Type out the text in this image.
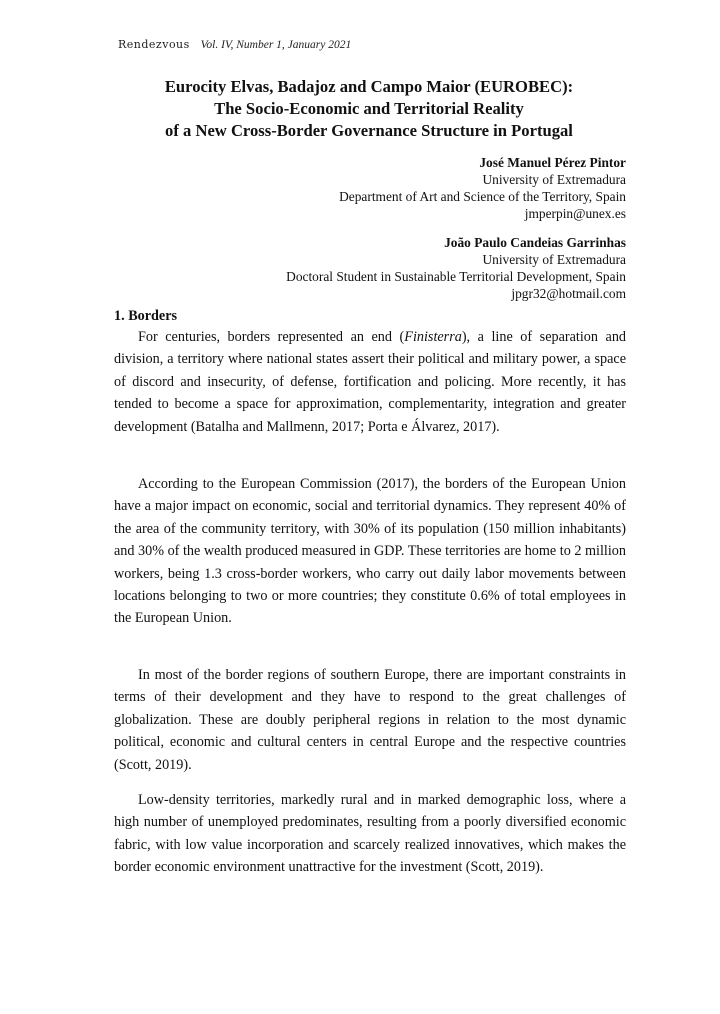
Rendezvous Vol. IV, Number 1, January 2021
Eurocity Elvas, Badajoz and Campo Maior (EUROBEC):
The Socio-Economic and Territorial Reality
of a New Cross-Border Governance Structure in Portugal
José Manuel Pérez Pintor
University of Extremadura
Department of Art and Science of the Territory, Spain
jmperpin@unex.es
João Paulo Candeias Garrinhas
University of Extremadura
Doctoral Student in Sustainable Territorial Development, Spain
jpgr32@hotmail.com
1. Borders

For centuries, borders represented an end (Finisterra), a line of separation and division, a territory where national states assert their political and military power, a space of discord and insecurity, of defense, fortification and policing. More recently, it has tended to become a space for approximation, complementarity, integration and greater development (Batalha and Mallmenn, 2017; Porta e Álvarez, 2017).

According to the European Commission (2017), the borders of the European Union have a major impact on economic, social and territorial dynamics. They represent 40% of the area of the community territory, with 30% of its population (150 million inhabitants) and 30% of the wealth produced measured in GDP. These territories are home to 2 million workers, being 1.3 cross-border workers, who carry out daily labor movements between locations belonging to two or more countries; they constitute 0.6% of total employees in the European Union.

In most of the border regions of southern Europe, there are important constraints in terms of their development and they have to respond to the great challenges of globalization. These are doubly peripheral regions in relation to the most dynamic political, economic and cultural centers in central Europe and the respective countries (Scott, 2019).

Low-density territories, markedly rural and in marked demographic loss, where a high number of unemployed predominates, resulting from a poorly diversified economic fabric, with low value incorporation and scarcely realized innovatives, which makes the border economic environment unattractive for the investment (Scott, 2019).
